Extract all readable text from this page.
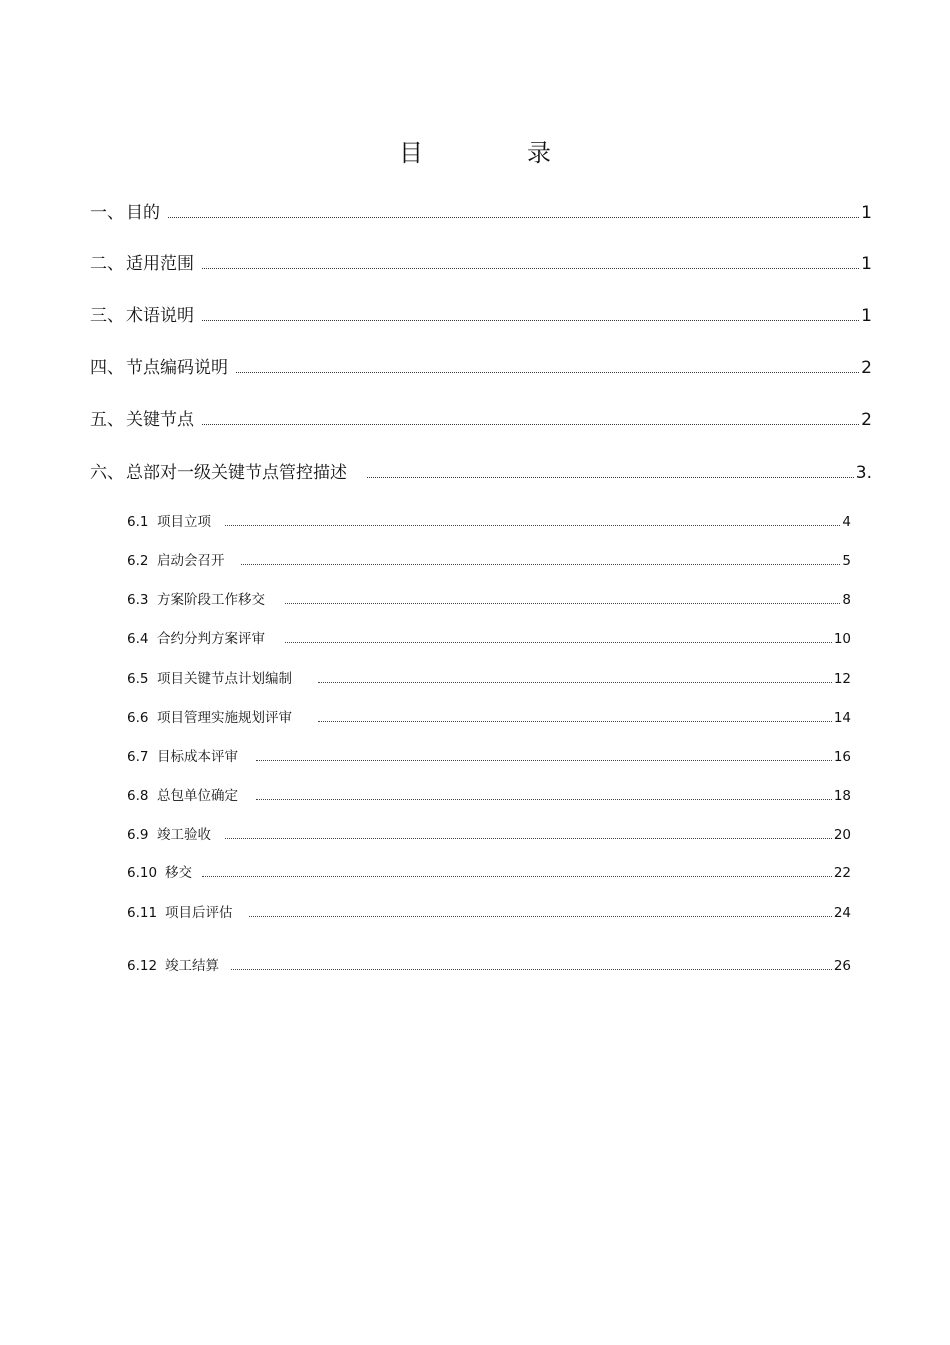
目　录
一、 目的	1
二、 适用范围	1
三、 术语说明	1
四、 节点编码说明	2
五、 关键节点	2
六、 总部对一级关键节点管控描述	3.
6.1 项目立项	4
6.2 启动会召开	5
6.3 方案阶段工作移交	8
6.4 合约分判方案评审	10
6.5 项目关键节点计划编制	12
6.6 项目管理实施规划评审	14
6.7 目标成本评审	16
6.8 总包单位确定	18
6.9 竣工验收	20
6.10 移交	22
6.11 项目后评估	24
6.12 竣工结算	26
